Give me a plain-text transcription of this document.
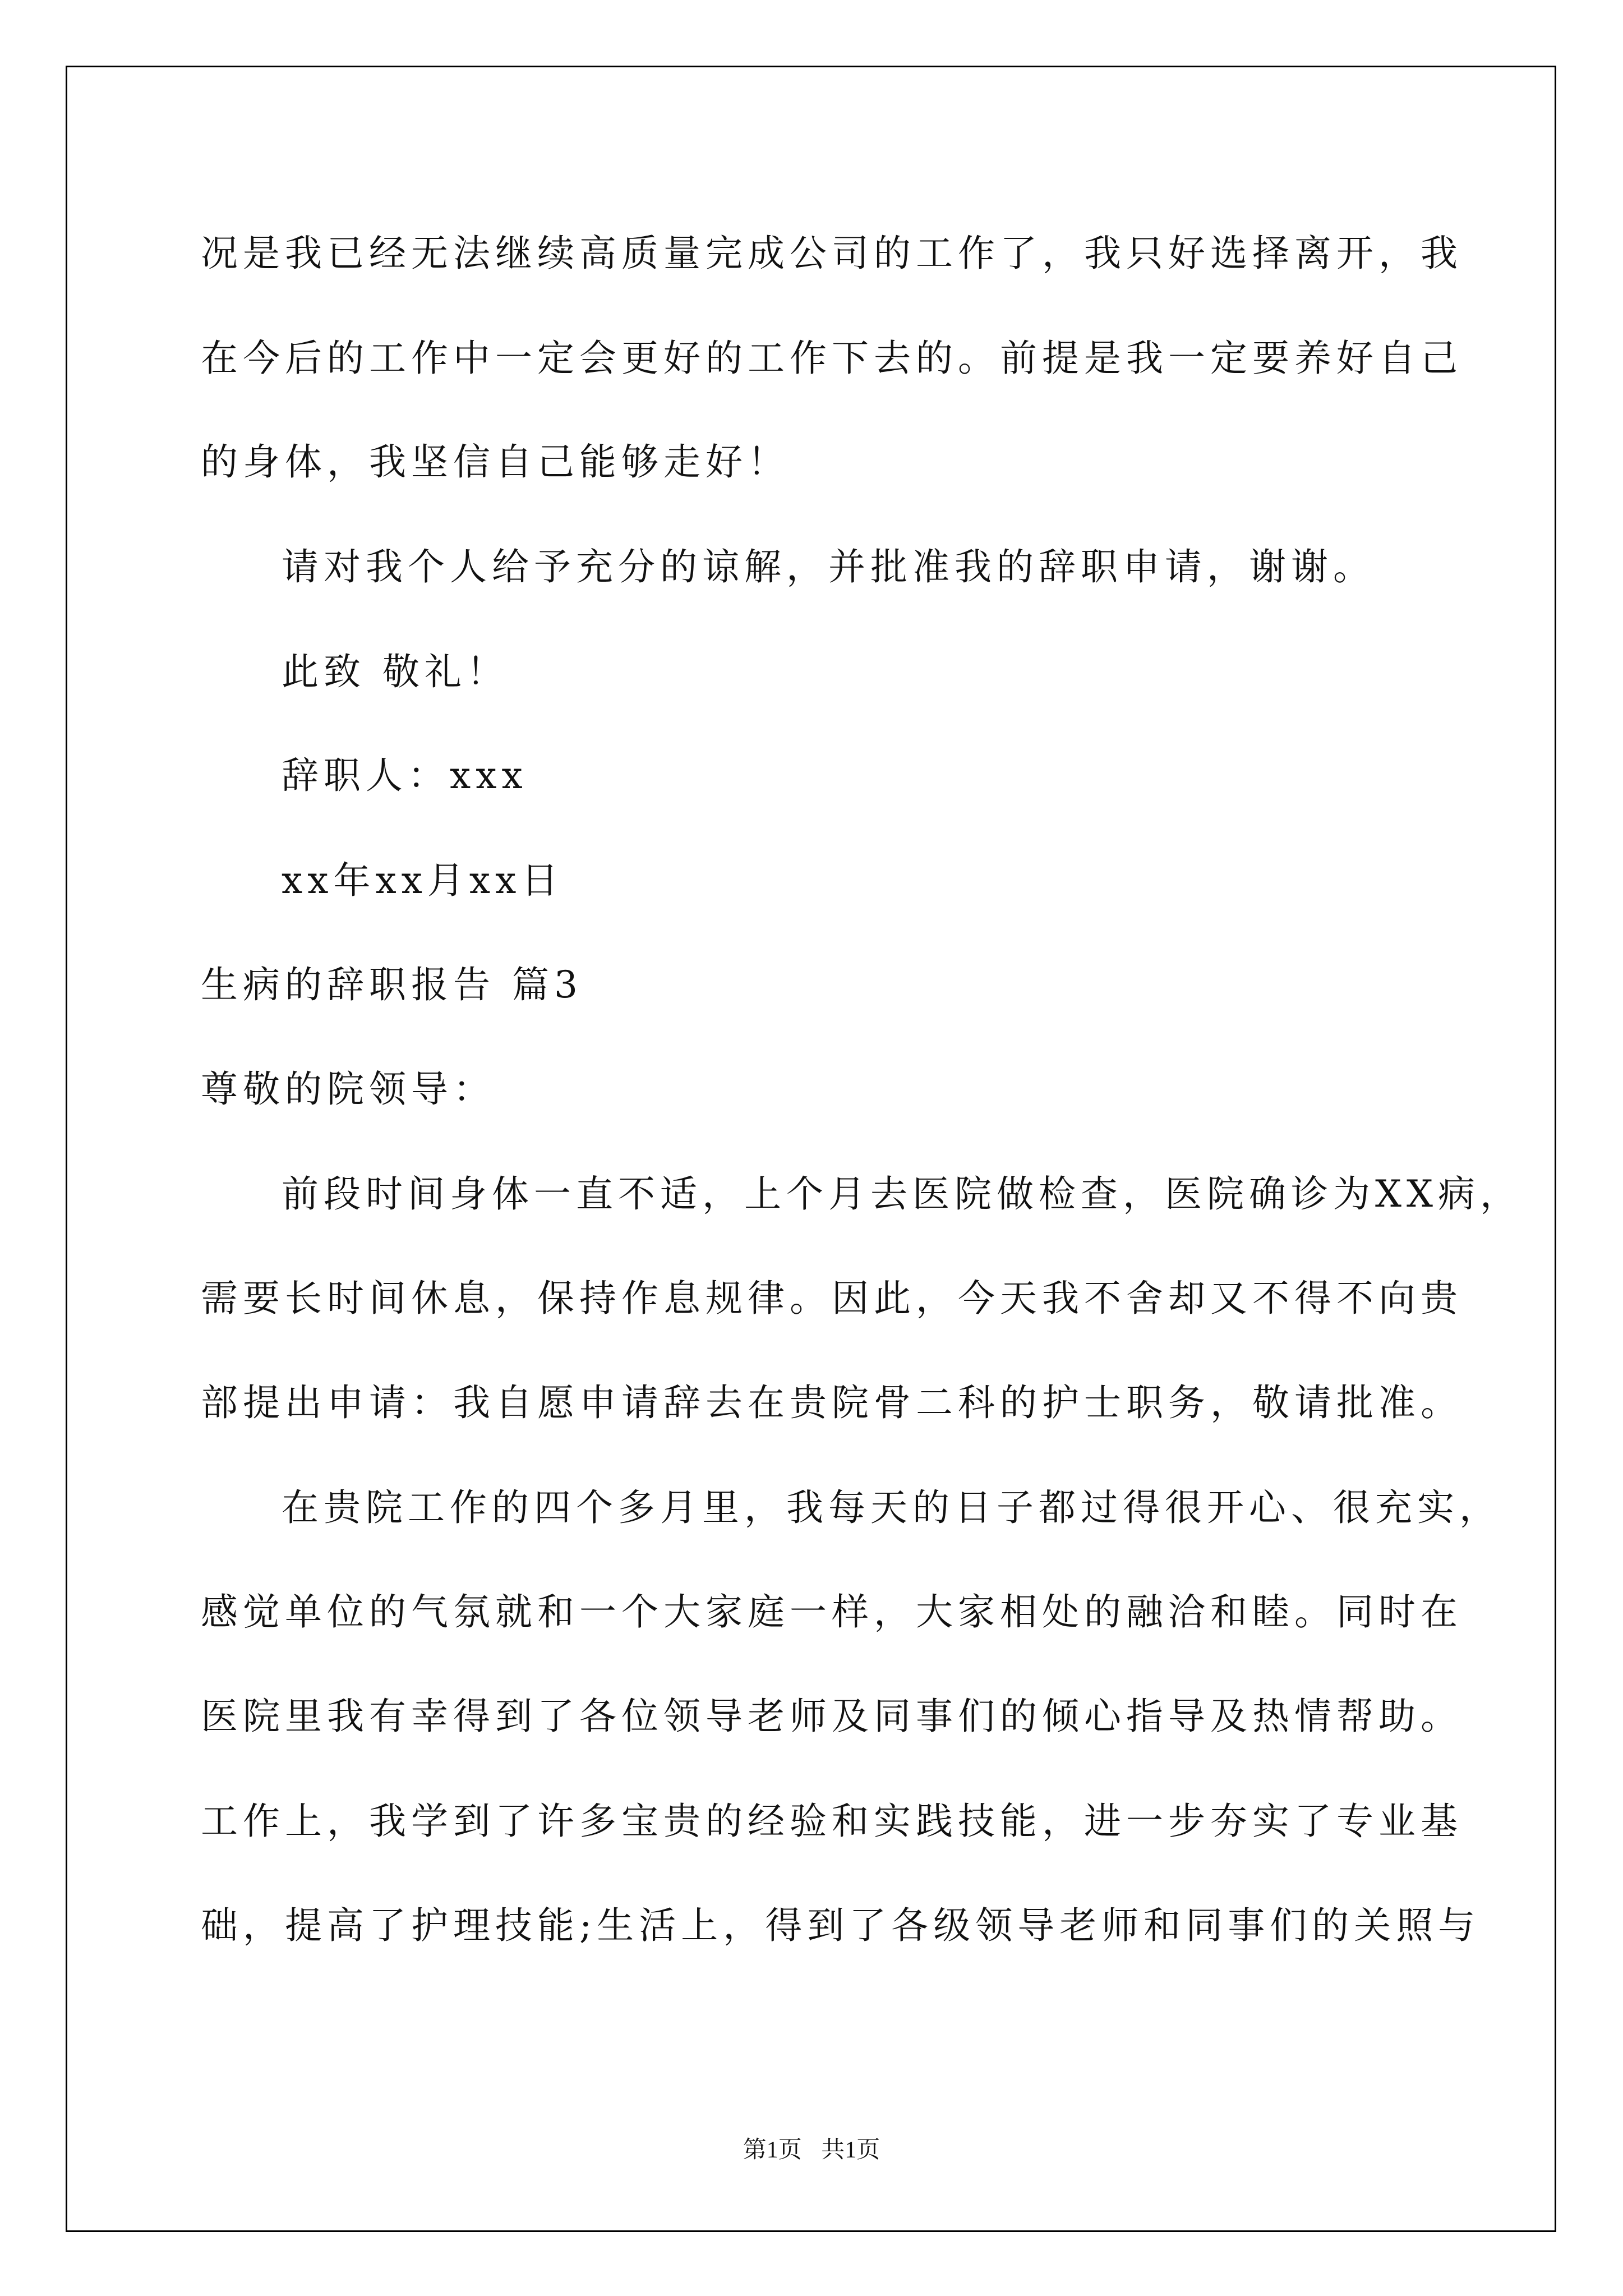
况是我已经无法继续高质量完成公司的工作了，我只好选择离开，我
在今后的工作中一定会更好的工作下去的。前提是我一定要养好自己
的身体，我坚信自己能够走好！
请对我个人给予充分的谅解，并批准我的辞职申请，谢谢。
此致 敬礼！
辞职人：xxx
xx年xx月xx日
生病的辞职报告 篇3
尊敬的院领导：
前段时间身体一直不适，上个月去医院做检查，医院确诊为XX病，
需要长时间休息，保持作息规律。因此，今天我不舍却又不得不向贵
部提出申请：我自愿申请辞去在贵院骨二科的护士职务，敬请批准。
在贵院工作的四个多月里，我每天的日子都过得很开心、很充实，
感觉单位的气氛就和一个大家庭一样，大家相处的融洽和睦。同时在
医院里我有幸得到了各位领导老师及同事们的倾心指导及热情帮助。
工作上，我学到了许多宝贵的经验和实践技能，进一步夯实了专业基
础，提高了护理技能;生活上，得到了各级领导老师和同事们的关照与
第1页 共1页
